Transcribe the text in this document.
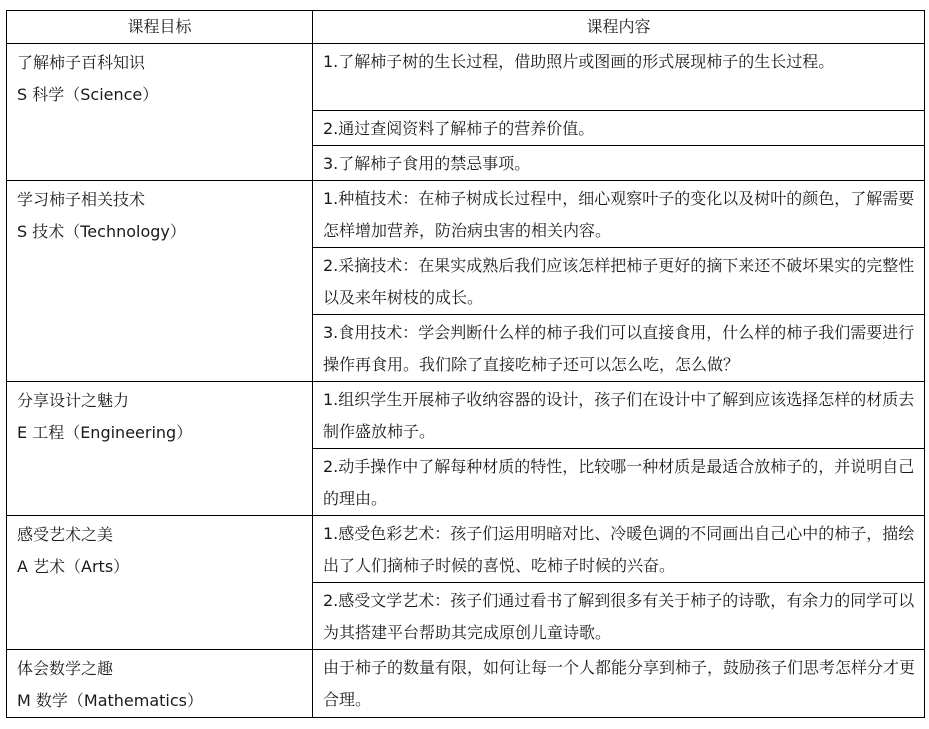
课程目标	课程内容

了解柿子百科知识
S 科学（Science）	1.了解柿子树的生长过程，借助照片或图画的形式展现柿子的生长过程。

	2.通过查阅资料了解柿子的营养价值。

	3.了解柿子食用的禁忌事项。

学习柿子相关技术
S 技术（Technology）	1.种植技术：在柿子树成长过程中，细心观察叶子的变化以及树叶的颜色，了解需要怎样增加营养，防治病虫害的相关内容。

	2.采摘技术：在果实成熟后我们应该怎样把柿子更好的摘下来还不破坏果实的完整性以及来年树枝的成长。

	3.食用技术：学会判断什么样的柿子我们可以直接食用，什么样的柿子我们需要进行操作再食用。我们除了直接吃柿子还可以怎么吃，怎么做？

分享设计之魅力
E 工程（Engineering）	1.组织学生开展柿子收纳容器的设计，孩子们在设计中了解到应该选择怎样的材质去制作盛放柿子。

	2.动手操作中了解每种材质的特性，比较哪一种材质是最适合放柿子的，并说明自己的理由。

感受艺术之美
A 艺术（Arts）	1.感受色彩艺术：孩子们运用明暗对比、冷暖色调的不同画出自己心中的柿子，描绘出了人们摘柿子时候的喜悦、吃柿子时候的兴奋。

	2.感受文学艺术：孩子们通过看书了解到很多有关于柿子的诗歌，有余力的同学可以为其搭建平台帮助其完成原创儿童诗歌。

体会数学之趣
M 数学（Mathematics）	由于柿子的数量有限，如何让每一个人都能分享到柿子，鼓励孩子们思考怎样分才更合理。
